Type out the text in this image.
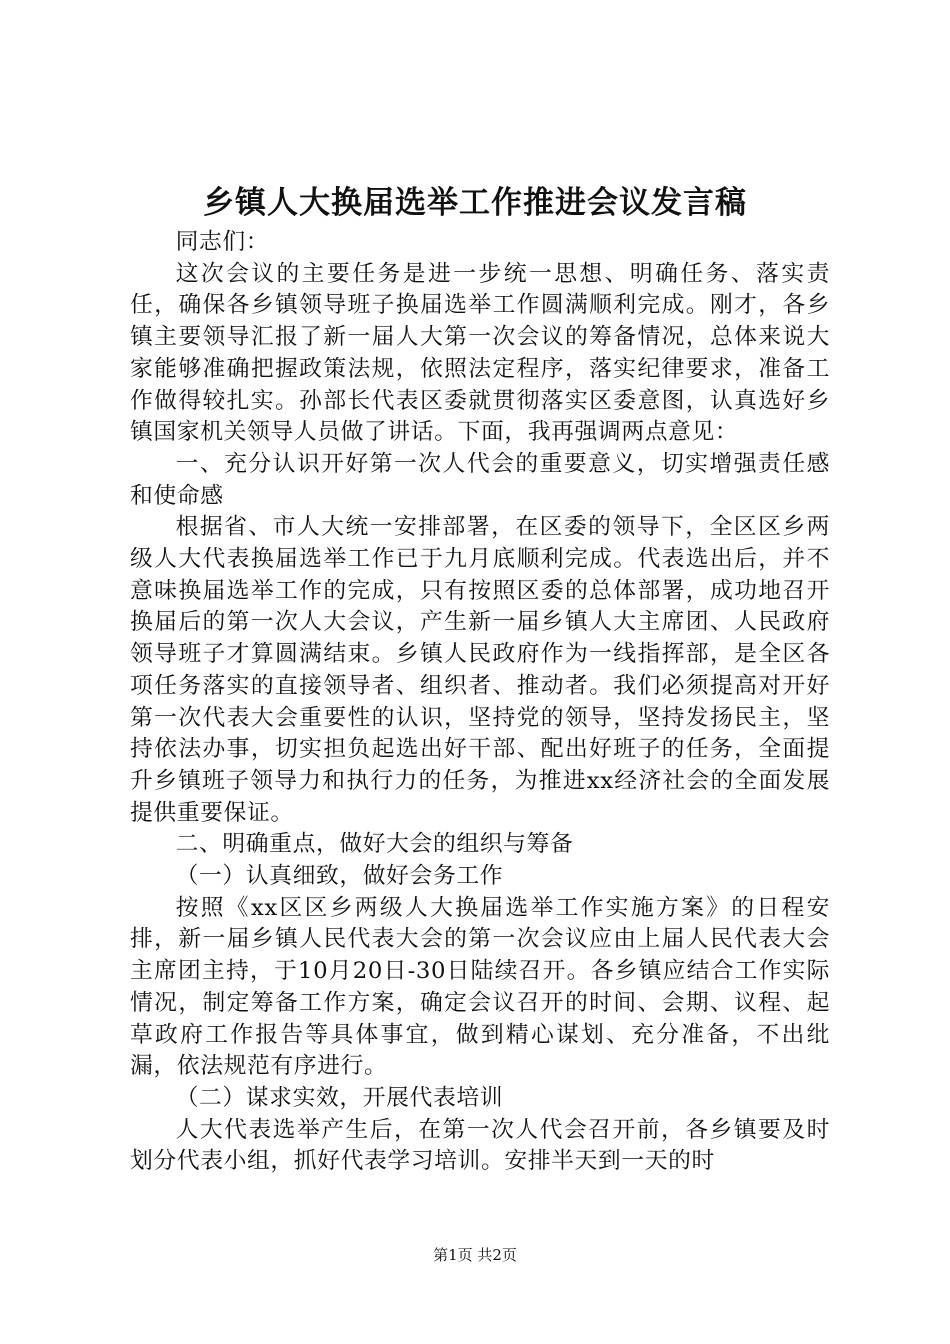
乡镇人大换届选举工作推进会议发言稿

同志们：

这次会议的主要任务是进一步统一思想、明确任务、落实责任，确保各乡镇领导班子换届选举工作圆满顺利完成。刚才，各乡镇主要领导汇报了新一届人大第一次会议的筹备情况，总体来说大家能够准确把握政策法规，依照法定程序，落实纪律要求，准备工作做得较扎实。孙部长代表区委就贯彻落实区委意图，认真选好乡镇国家机关领导人员做了讲话。下面，我再强调两点意见：

一、充分认识开好第一次人代会的重要意义，切实增强责任感和使命感

根据省、市人大统一安排部署，在区委的领导下，全区区乡两级人大代表换届选举工作已于九月底顺利完成。代表选出后，并不意味换届选举工作的完成，只有按照区委的总体部署，成功地召开换届后的第一次人大会议，产生新一届乡镇人大主席团、人民政府领导班子才算圆满结束。乡镇人民政府作为一线指挥部，是全区各项任务落实的直接领导者、组织者、推动者。我们必须提高对开好第一次代表大会重要性的认识，坚持党的领导，坚持发扬民主，坚持依法办事，切实担负起选出好干部、配出好班子的任务，全面提升乡镇班子领导力和执行力的任务，为推进xx经济社会的全面发展提供重要保证。

二、明确重点，做好大会的组织与筹备

（一）认真细致，做好会务工作

按照《xx区区乡两级人大换届选举工作实施方案》的日程安排，新一届乡镇人民代表大会的第一次会议应由上届人民代表大会主席团主持，于10月20日-30日陆续召开。各乡镇应结合工作实际情况，制定筹备工作方案，确定会议召开的时间、会期、议程、起草政府工作报告等具体事宜，做到精心谋划、充分准备，不出纰漏，依法规范有序进行。

（二）谋求实效，开展代表培训

人大代表选举产生后，在第一次人代会召开前，各乡镇要及时划分代表小组，抓好代表学习培训。安排半天到一天的时

第1页 共2页
